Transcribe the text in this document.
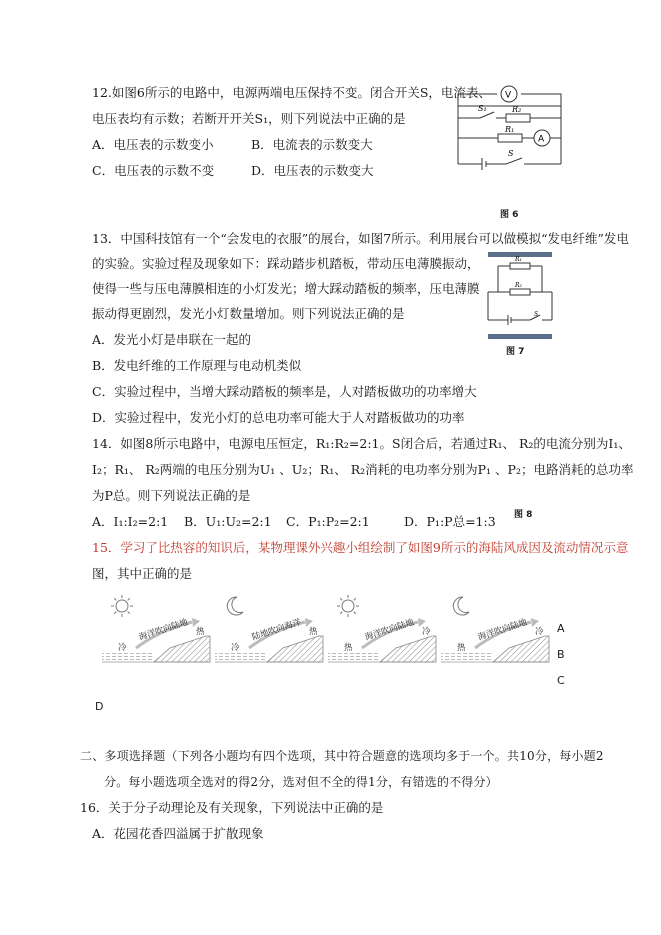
12.如图6所示的电路中，电源两端电压保持不变。闭合开关S，电流表、
电压表均有示数；若断开开关S₁，则下列说法中正确的是
A．电压表的示数变小	B．电流表的示数变大
C．电压表的示数不变	D．电压表的示数变大
V
A
S₁	R₂
R₁
S
图 6
13．中国科技馆有一个“会发电的衣服”的展台，如图7所示。利用展台可以做模拟“发电纤维”发电
的实验。实验过程及现象如下：踩动踏步机踏板，带动压电薄膜振动，
使得一些与压电薄膜相连的小灯发光；增大踩动踏板的频率，压电薄膜
振动得更剧烈，发光小灯数量增加。则下列说法正确的是
A．发光小灯是串联在一起的
B．发电纤维的工作原理与电动机类似
C．实验过程中，当增大踩动踏板的频率是，人对踏板做功的功率增大
D．实验过程中，发光小灯的总电功率可能大于人对踏板做功的功率
R₁
R₂
S
图 7
14．如图8所示电路中，电源电压恒定，R₁:R₂=2:1。S闭合后，若通过R₁、 R₂的电流分别为I₁、
I₂；R₁、 R₂两端的电压分别为U₁ 、U₂；R₁、 R₂消耗的电功率分别为P₁ 、P₂；电路消耗的总功率
为P总。则下列说法正确的是
图 8
A．I₁:I₂=2:1 B．U₁:U₂=2:1 C．P₁:P₂=2:1	D．P₁:P总=1:3
15．学习了比热容的知识后，某物理课外兴趣小组绘制了如图9所示的海陆风成因及流动情况示意
图，其中正确的是
海洋吹向陆地
冷
热	陆地吹向海洋
冷
热	海洋吹向陆地
热
冷	海洋吹向陆地
热
冷 A
B
C
D
二、多项选择题（下列各小题均有四个选项，其中符合题意的选项均多于一个。共10分，每小题2
分。每小题选项全选对的得2分，选对但不全的得1分，有错选的不得分）
16．关于分子动理论及有关现象，下列说法中正确的是
A．花园花香四溢属于扩散现象
